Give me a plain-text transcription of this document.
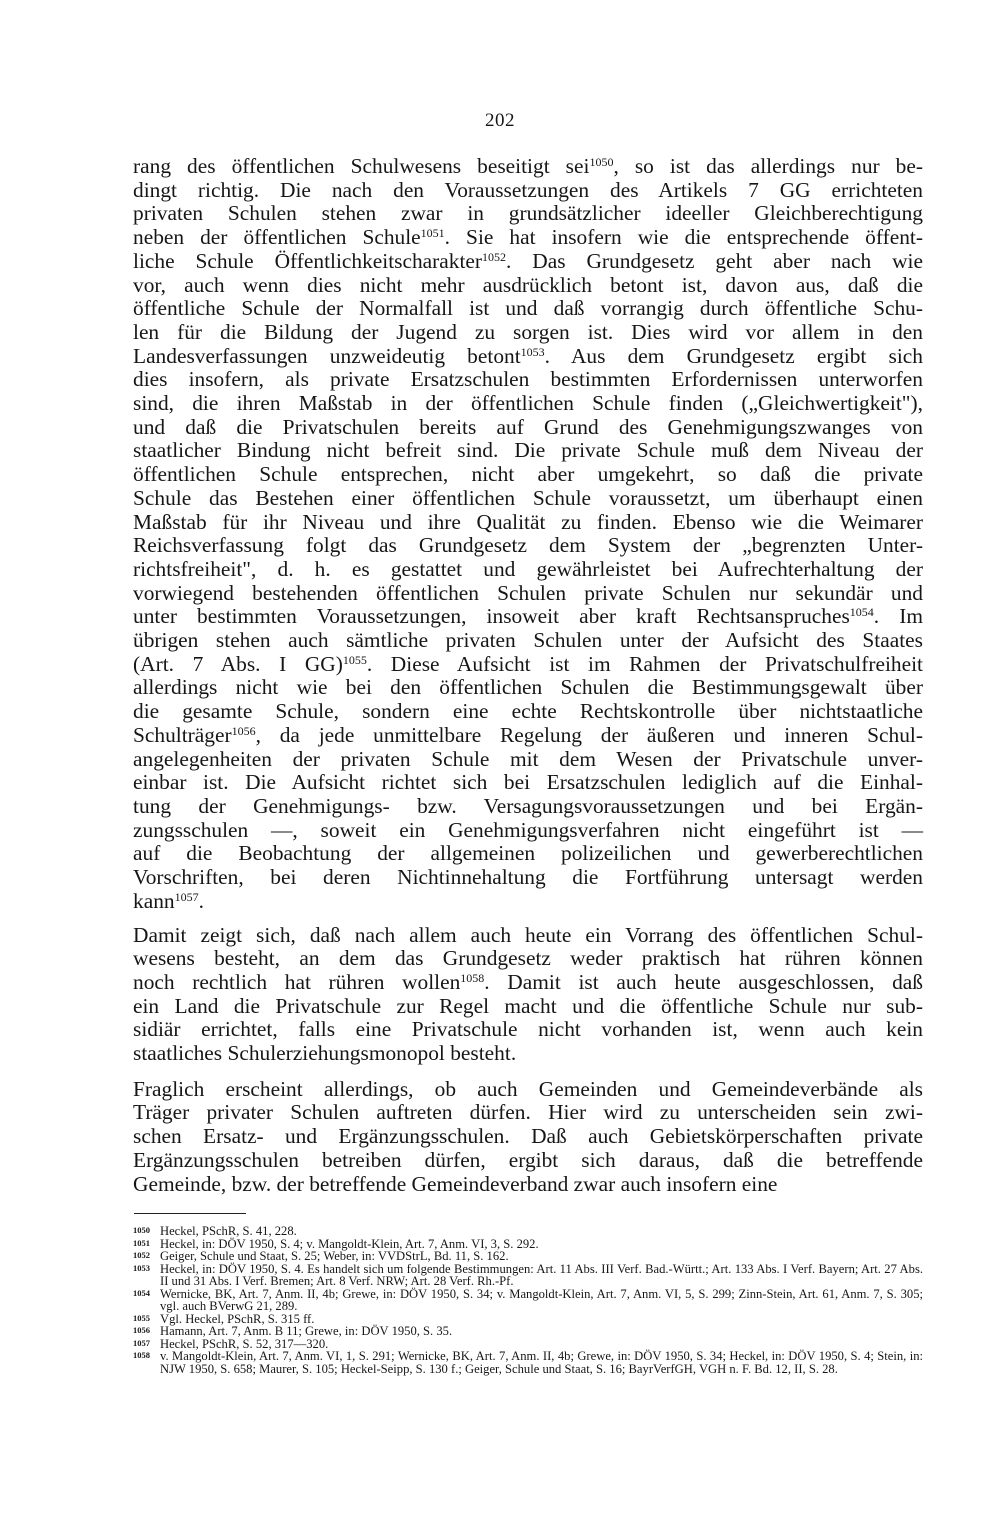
202
rang des öffentlichen Schulwesens beseitigt sei$^{1050}$, so ist das allerdings nur be-
dingt richtig. Die nach den Voraussetzungen des Artikels 7 GG errichteten
privaten Schulen stehen zwar in grundsätzlicher ideeller Gleichberechtigung
neben der öffentlichen Schule$^{1051}$. Sie hat insofern wie die entsprechende öffent-
liche Schule Öffentlichkeitscharakter$^{1052}$. Das Grundgesetz geht aber nach wie
vor, auch wenn dies nicht mehr ausdrücklich betont ist, davon aus, daß die
öffentliche Schule der Normalfall ist und daß vorrangig durch öffentliche Schu-
len für die Bildung der Jugend zu sorgen ist. Dies wird vor allem in den
Landesverfassungen unzweideutig betont$^{1053}$. Aus dem Grundgesetz ergibt sich
dies insofern, als private Ersatzschulen bestimmten Erfordernissen unterworfen
sind, die ihren Maßstab in der öffentlichen Schule finden („Gleichwertigkeit"),
und daß die Privatschulen bereits auf Grund des Genehmigungszwanges von
staatlicher Bindung nicht befreit sind. Die private Schule muß dem Niveau der
öffentlichen Schule entsprechen, nicht aber umgekehrt, so daß die private
Schule das Bestehen einer öffentlichen Schule voraussetzt, um überhaupt einen
Maßstab für ihr Niveau und ihre Qualität zu finden. Ebenso wie die Weimarer
Reichsverfassung folgt das Grundgesetz dem System der „begrenzten Unter-
richtsfreiheit", d. h. es gestattet und gewährleistet bei Aufrechterhaltung der
vorwiegend bestehenden öffentlichen Schulen private Schulen nur sekundär und
unter bestimmten Voraussetzungen, insoweit aber kraft Rechtsanspruches$^{1054}$. Im
übrigen stehen auch sämtliche privaten Schulen unter der Aufsicht des Staates
(Art. 7 Abs. I GG)$^{1055}$. Diese Aufsicht ist im Rahmen der Privatschulfreiheit
allerdings nicht wie bei den öffentlichen Schulen die Bestimmungsgewalt über
die gesamte Schule, sondern eine echte Rechtskontrolle über nichtstaatliche
Schulträger$^{1056}$, da jede unmittelbare Regelung der äußeren und inneren Schul-
angelegenheiten der privaten Schule mit dem Wesen der Privatschule unver-
einbar ist. Die Aufsicht richtet sich bei Ersatzschulen lediglich auf die Einhal-
tung der Genehmigungs- bzw. Versagungsvoraussetzungen und bei Ergän-
zungsschulen —, soweit ein Genehmigungsverfahren nicht eingeführt ist —
auf die Beobachtung der allgemeinen polizeilichen und gewerberechtlichen
Vorschriften, bei deren Nichtinnehaltung die Fortführung untersagt werden
kann$^{1057}$.
Damit zeigt sich, daß nach allem auch heute ein Vorrang des öffentlichen Schul-
wesens besteht, an dem das Grundgesetz weder praktisch hat rühren können
noch rechtlich hat rühren wollen$^{1058}$. Damit ist auch heute ausgeschlossen, daß
ein Land die Privatschule zur Regel macht und die öffentliche Schule nur sub-
sidiär errichtet, falls eine Privatschule nicht vorhanden ist, wenn auch kein
staatliches Schulerziehungsmonopol besteht.
Fraglich erscheint allerdings, ob auch Gemeinden und Gemeindeverbände als
Träger privater Schulen auftreten dürfen. Hier wird zu unterscheiden sein zwi-
schen Ersatz- und Ergänzungsschulen. Daß auch Gebietskörperschaften private
Ergänzungsschulen betreiben dürfen, ergibt sich daraus, daß die betreffende
Gemeinde, bzw. der betreffende Gemeindeverband zwar auch insofern eine
1050 Heckel, PSchR, S. 41, 228.
1051 Heckel, in: DÖV 1950, S. 4; v. Mangoldt-Klein, Art. 7, Anm. VI, 3, S. 292.
1052 Geiger, Schule und Staat, S. 25; Weber, in: VVDStrL, Bd. 11, S. 162.
1053 Heckel, in: DÖV 1950, S. 4. Es handelt sich um folgende Bestimmungen: Art. 11 Abs. III Verf. Bad.-Württ.; Art. 133 Abs. I Verf. Bayern; Art. 27 Abs. II und 31 Abs. I Verf. Bremen; Art. 8 Verf. NRW; Art. 28 Verf. Rh.-Pf.
1054 Wernicke, BK, Art. 7, Anm. II, 4b; Grewe, in: DÖV 1950, S. 34; v. Mangoldt-Klein, Art. 7, Anm. VI, 5, S. 299; Zinn-Stein, Art. 61, Anm. 7, S. 305; vgl. auch BVerwG 21, 289.
1055 Vgl. Heckel, PSchR, S. 315 ff.
1056 Hamann, Art. 7, Anm. B 11; Grewe, in: DÖV 1950, S. 35.
1057 Heckel, PSchR, S. 52, 317—320.
1058 v. Mangoldt-Klein, Art. 7, Anm. VI, 1, S. 291; Wernicke, BK, Art. 7, Anm. II, 4b; Grewe, in: DÖV 1950, S. 34; Heckel, in: DÖV 1950, S. 4; Stein, in: NJW 1950, S. 658; Maurer, S. 105; Heckel-Seipp, S. 130 f.; Geiger, Schule und Staat, S. 16; BayrVerfGH, VGH n. F. Bd. 12, II, S. 28.
